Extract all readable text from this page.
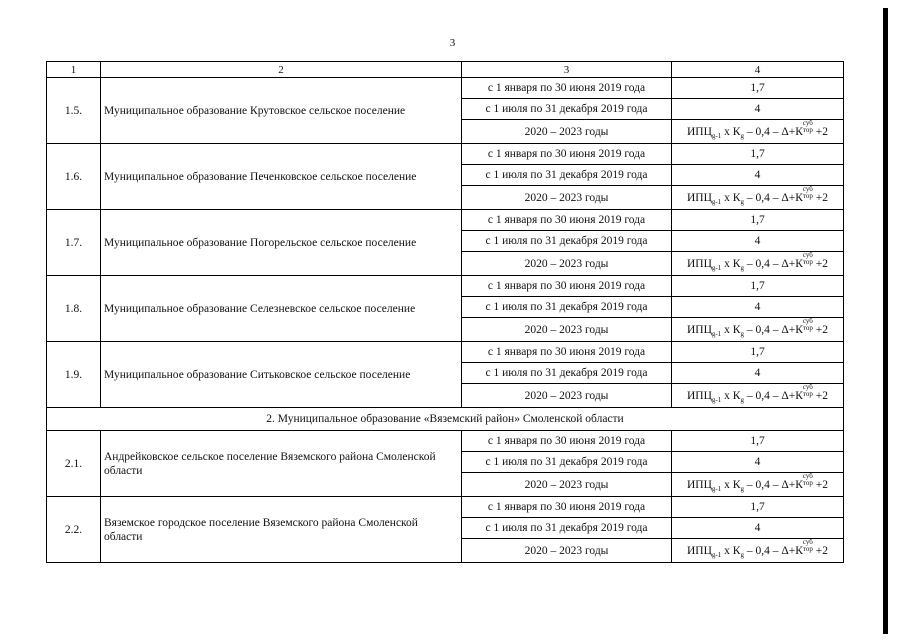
3
1	2	3	4
1.5.	Муниципальное образование Крутовское сельское поселение	с 1 января по 30 июня 2019 года	1,7
		с 1 июля по 31 декабря 2019 года	4
		2020 – 2023 годы	$ИПЦ_{g-1}$ x $К_g - 0,4 - \Delta+К$
суб
тор +2
1.6.	Муниципальное образование Печенковское сельское поселение	с 1 января по 30 июня 2019 года	1,7
		с 1 июля по 31 декабря 2019 года	4
		2020 – 2023 годы	$ИПЦ_{g-1}$ x $К_g - 0,4 - \Delta+К$
суб
тор +2
1.7.	Муниципальное образование Погорельское сельское поселение	с 1 января по 30 июня 2019 года	1,7
		с 1 июля по 31 декабря 2019 года	4
		2020 – 2023 годы	$ИПЦ_{g-1}$ x $К_g - 0,4 - \Delta+К$
суб
тор +2
1.8.	Муниципальное образование Селезневское сельское поселение	с 1 января по 30 июня 2019 года	1,7
		с 1 июля по 31 декабря 2019 года	4
		2020 – 2023 годы	$ИПЦ_{g-1}$ x $К_g - 0,4 - \Delta+К$
суб
тор +2
1.9.	Муниципальное образование Ситьковское сельское поселение	с 1 января по 30 июня 2019 года	1,7
		с 1 июля по 31 декабря 2019 года	4
		2020 – 2023 годы	$ИПЦ_{g-1}$ x $К_g - 0,4 - \Delta+К$
суб
тор +2
2. Муниципальное образование «Вяземский район» Смоленской области			
2.1.	Андрейковское сельское поселение Вяземского района Смоленской области	с 1 января по 30 июня 2019 года	1,7
		с 1 июля по 31 декабря 2019 года	4
		2020 – 2023 годы	$ИПЦ_{g-1}$ x $К_g - 0,4 - \Delta+К$
суб
тор +2
2.2.	Вяземское городское поселение Вяземского района Смоленской области	с 1 января по 30 июня 2019 года	1,7
		с 1 июля по 31 декабря 2019 года	4
		2020 – 2023 годы	$ИПЦ_{g-1}$ x $К_g - 0,4 - \Delta+К$
суб
тор +2
